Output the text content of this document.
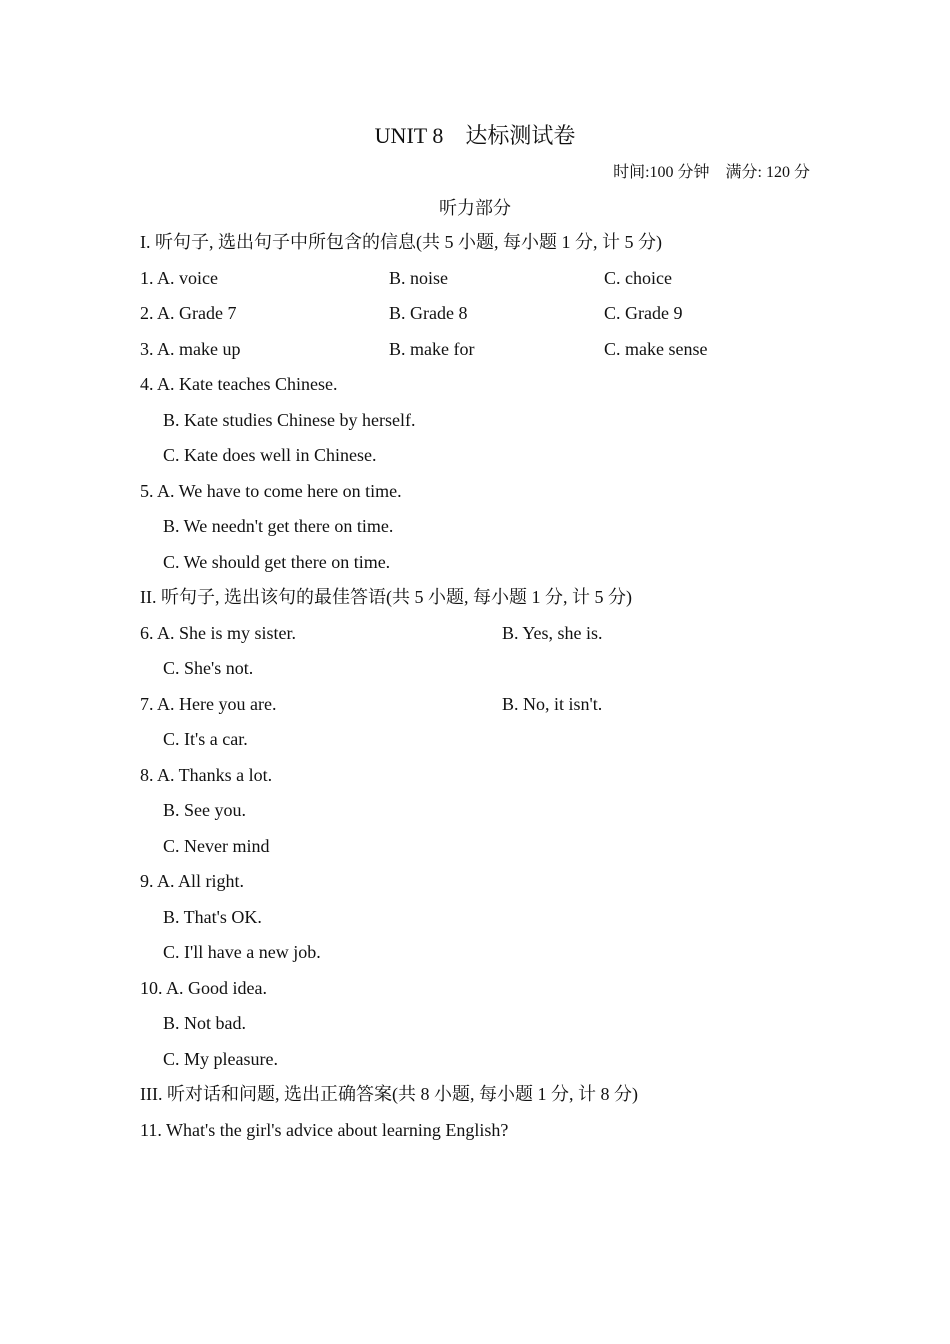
UNIT 8　达标测试卷
时间:100 分钟　满分: 120 分
听力部分
I. 听句子, 选出句子中所包含的信息(共 5 小题, 每小题 1 分, 计 5 分)
1. A. voice	B. noise	C. choice
2. A. Grade 7	B. Grade 8	C. Grade 9
3. A. make up	B. make for	C. make sense
4. A. Kate teaches Chinese.
B. Kate studies Chinese by herself.
C. Kate does well in Chinese.
5. A. We have to come here on time.
B. We needn't get there on time.
C. We should get there on time.
II. 听句子, 选出该句的最佳答语(共 5 小题, 每小题 1 分, 计 5 分)
6. A. She is my sister.	B. Yes, she is.
C. She's not.
7. A. Here you are.	B. No, it isn't.
C. It's a car.
8. A. Thanks a lot.
B. See you.
C. Never mind
9. A. All right.
B. That's OK.
C. I'll have a new job.
10. A. Good idea.
B. Not bad.
C. My pleasure.
III. 听对话和问题, 选出正确答案(共 8 小题, 每小题 1 分, 计 8 分)
11. What's the girl's advice about learning English?
